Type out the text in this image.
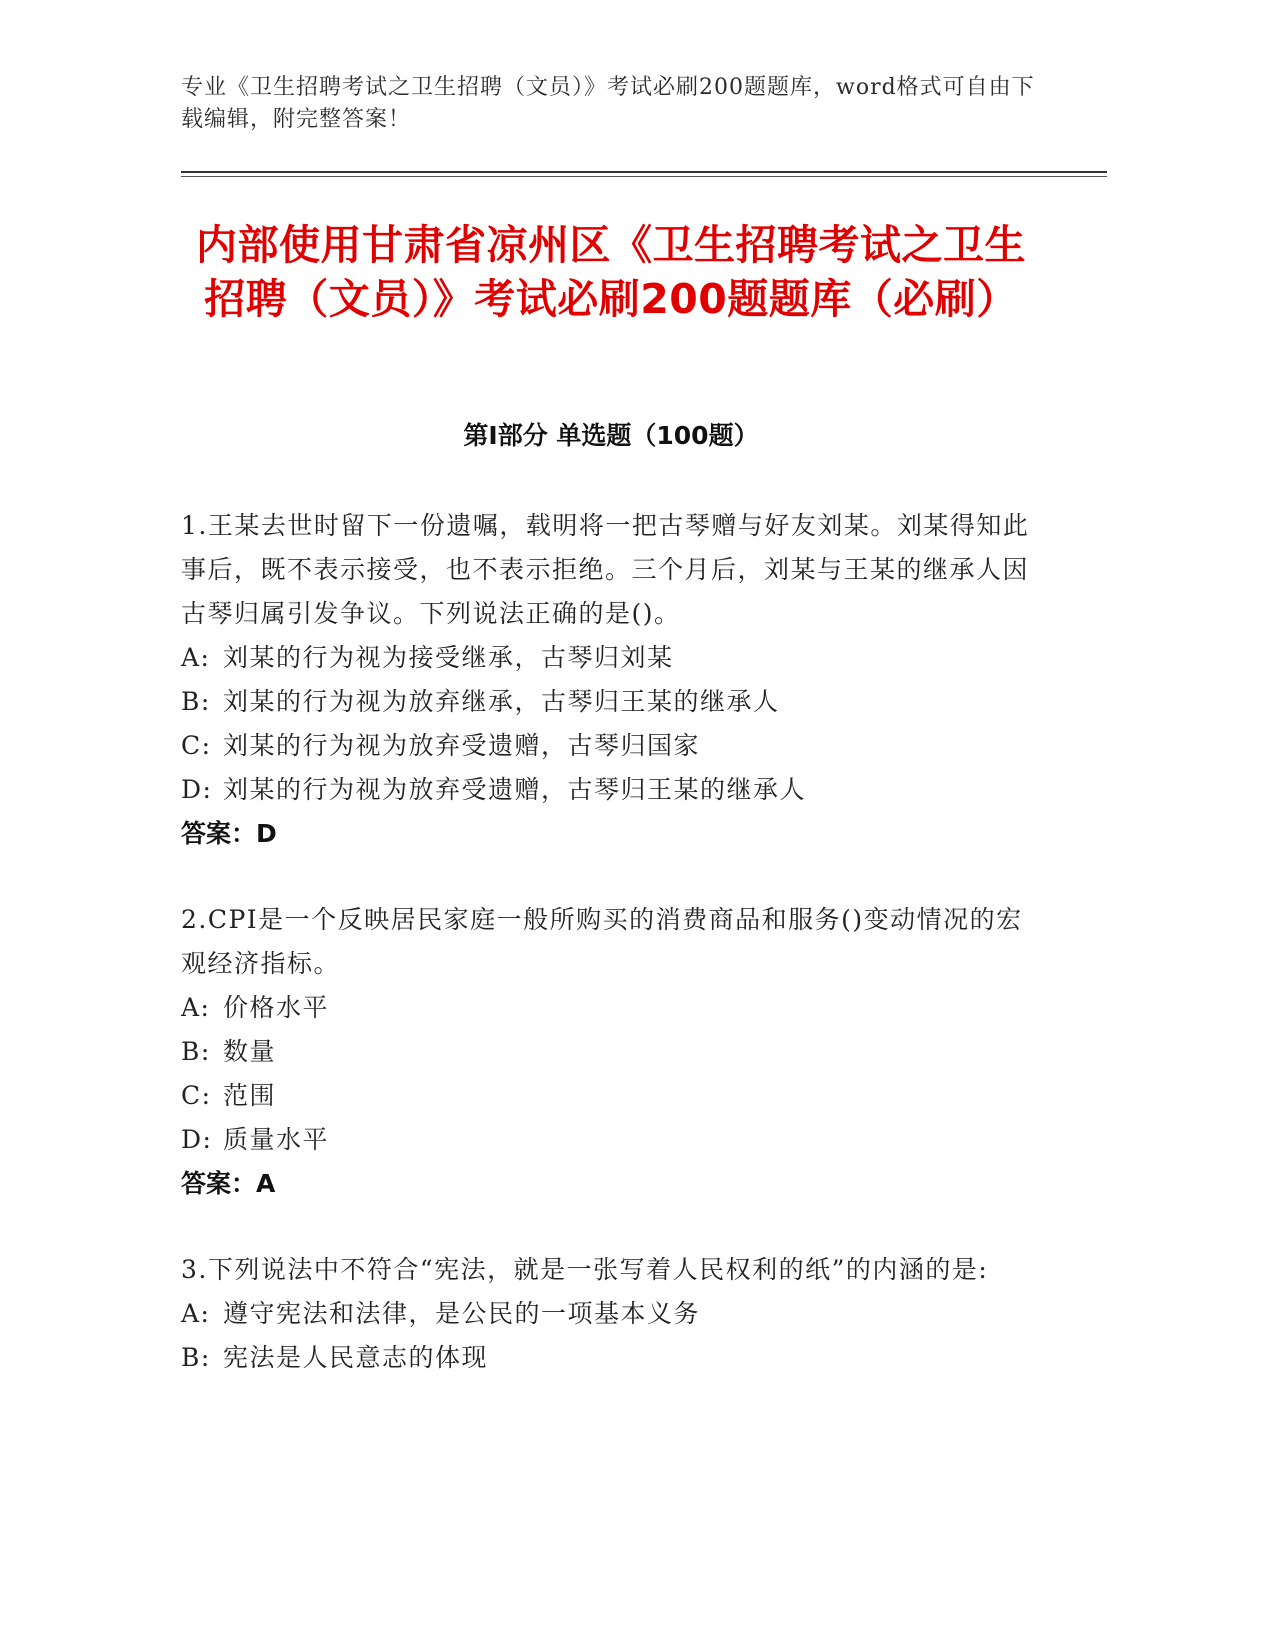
专业《卫生招聘考试之卫生招聘（文员）》考试必刷200题题库，word格式可自由下载编辑，附完整答案！
内部使用甘肃省凉州区《卫生招聘考试之卫生招聘（文员）》考试必刷200题题库（必刷）
第Ⅰ部分 单选题（100题）
1.王某去世时留下一份遗嘱，载明将一把古琴赠与好友刘某。刘某得知此事后，既不表示接受，也不表示拒绝。三个月后，刘某与王某的继承人因古琴归属引发争议。下列说法正确的是()。
A: 刘某的行为视为接受继承，古琴归刘某
B: 刘某的行为视为放弃继承，古琴归王某的继承人
C: 刘某的行为视为放弃受遗赠，古琴归国家
D: 刘某的行为视为放弃受遗赠，古琴归王某的继承人
答案：D
2.CPI是一个反映居民家庭一般所购买的消费商品和服务()变动情况的宏观经济指标。
A: 价格水平
B: 数量
C: 范围
D: 质量水平
答案：A
3.下列说法中不符合“宪法，就是一张写着人民权利的纸”的内涵的是:
A: 遵守宪法和法律，是公民的一项基本义务
B: 宪法是人民意志的体现
